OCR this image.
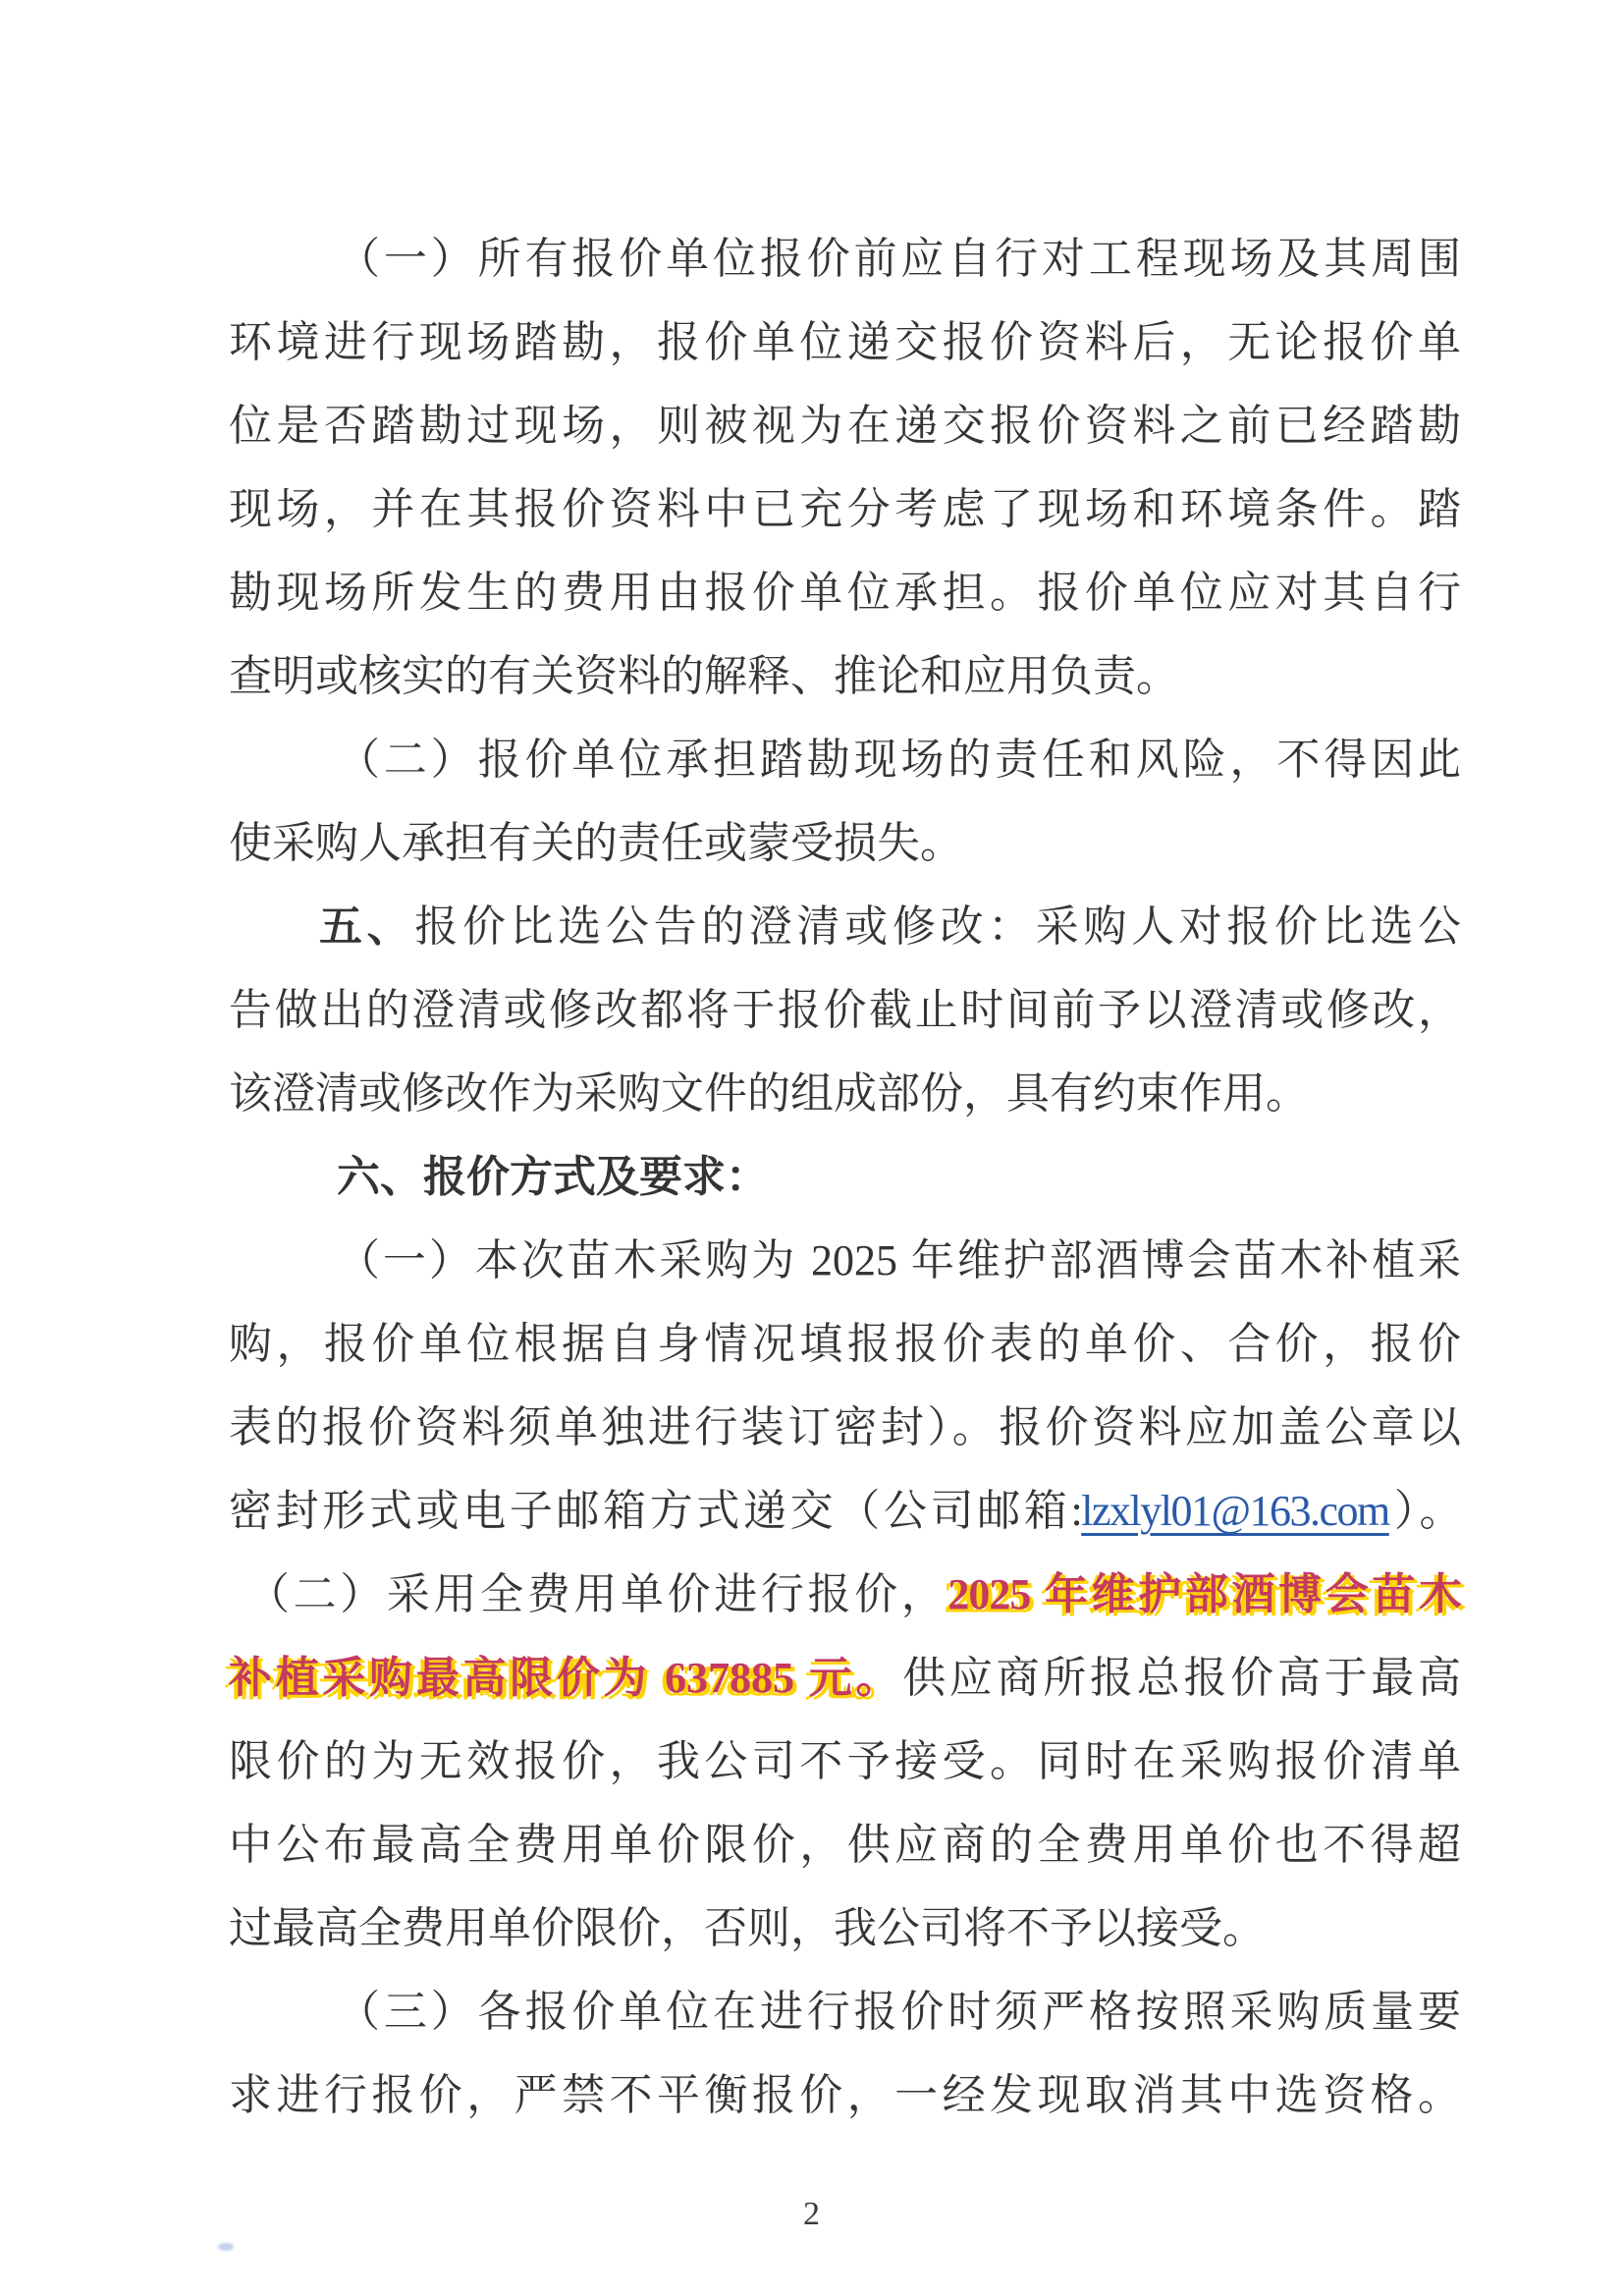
（一）所有报价单位报价前应自行对工程现场及其周围
环境进行现场踏勘，报价单位递交报价资料后，无论报价单
位是否踏勘过现场，则被视为在递交报价资料之前已经踏勘
现场，并在其报价资料中已充分考虑了现场和环境条件。踏
勘现场所发生的费用由报价单位承担。报价单位应对其自行
查明或核实的有关资料的解释、推论和应用负责。
（二）报价单位承担踏勘现场的责任和风险，不得因此
使采购人承担有关的责任或蒙受损失。
五、报价比选公告的澄清或修改：采购人对报价比选公
告做出的澄清或修改都将于报价截止时间前予以澄清或修改，
该澄清或修改作为采购文件的组成部份，具有约束作用。
六、报价方式及要求：
（一）本次苗木采购为 2025 年维护部酒博会苗木补植采
购，报价单位根据自身情况填报报价表的单价、合价，报价
表的报价资料须单独进行装订密封）。报价资料应加盖公章以
密封形式或电子邮箱方式递交（公司邮箱:lzxlyl01@163.com）。
（二）采用全费用单价进行报价，2025 年维护部酒博会苗木
补植采购最高限价为 637885 元。供应商所报总报价高于最高
限价的为无效报价，我公司不予接受。同时在采购报价清单
中公布最高全费用单价限价，供应商的全费用单价也不得超
过最高全费用单价限价，否则，我公司将不予以接受。
（三）各报价单位在进行报价时须严格按照采购质量要
求进行报价，严禁不平衡报价，一经发现取消其中选资格。
2
